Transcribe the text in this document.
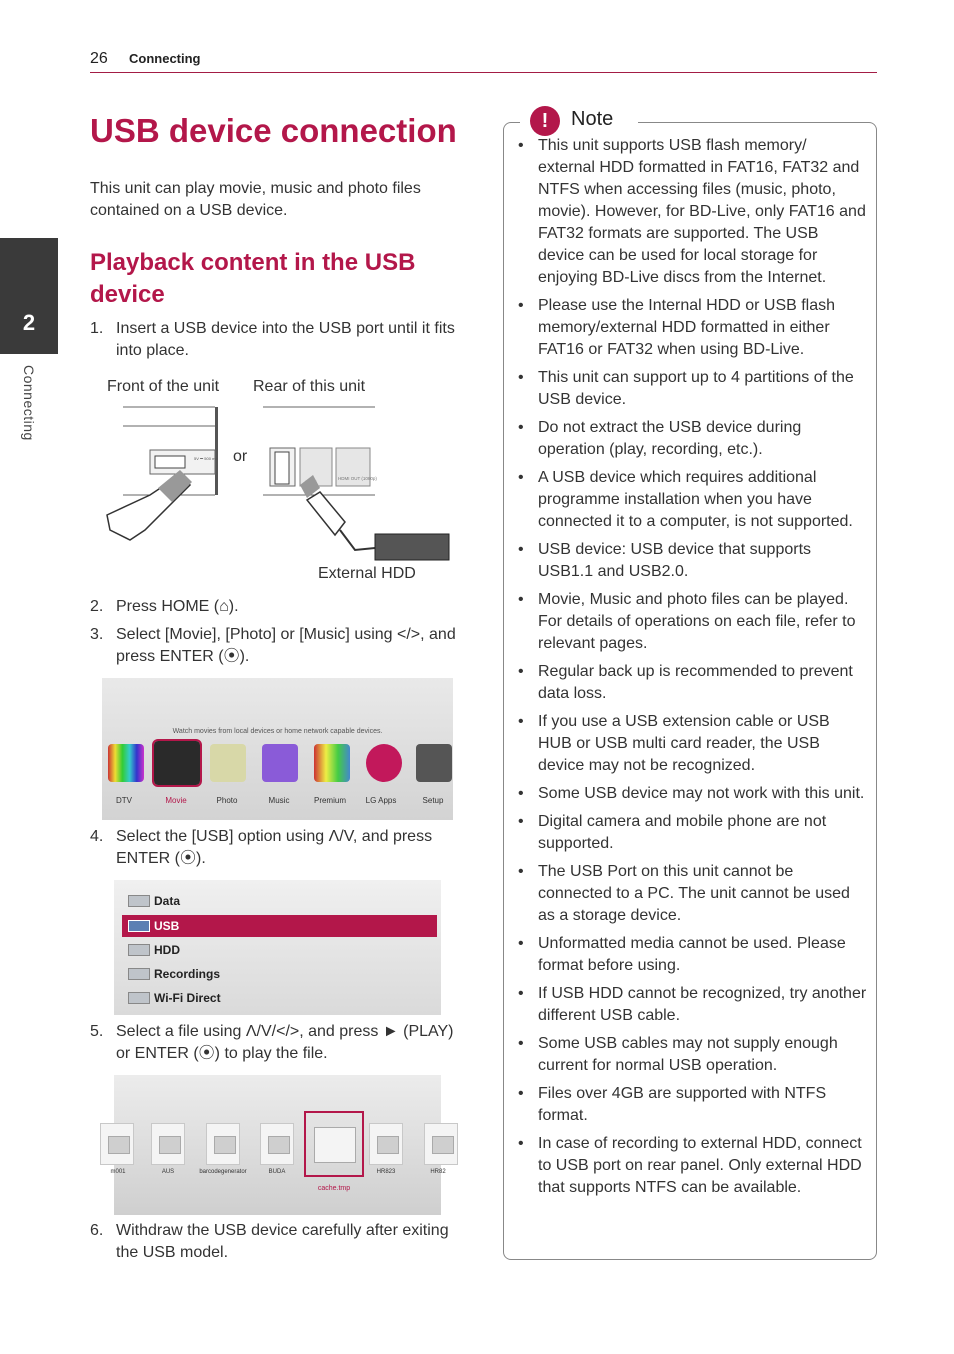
26 Connecting
2
Connecting
USB device connection
This unit can play movie, music and photo files contained on a USB device.
Playback content in the USB device
1. Insert a USB device into the USB port until it fits into place.
Front of the unit Rear of this unit
or
External HDD
5V ⎓ 500 mA
HDMI OUT (1080p)
2. Press HOME (⌂).
3. Select [Movie], [Photo] or [Music] using </>, and press ENTER (⦿).
Watch movies from local devices or home network capable devices.
DTV	Movie	Photo	Music	Premium	LG Apps	Setup
4. Select the [USB] option using Λ/V, and press ENTER (⦿).
Data
USB
HDD
Recordings
Wi-Fi Direct
5. Select a file using Λ/V/</>, and press ► (PLAY) or ENTER (⦿) to play the file.
m001	AUS	barcodegenerator	BUDA	HR823	HR82
cache.tmp
6. Withdraw the USB device carefully after exiting the USB model.
!	Note
• This unit supports USB flash memory/ external HDD formatted in FAT16, FAT32 and NTFS when accessing files (music, photo, movie). However, for BD-Live, only FAT16 and FAT32 formats are supported. The USB device can be used for local storage for enjoying BD-Live discs from the Internet.
• Please use the Internal HDD or USB flash memory/external HDD formatted in either FAT16 or FAT32 when using BD-Live.
• This unit can support up to 4 partitions of the USB device.
• Do not extract the USB device during operation (play, recording, etc.).
• A USB device which requires additional programme installation when you have connected it to a computer, is not supported.
• USB device: USB device that supports USB1.1 and USB2.0.
• Movie, Music and photo files can be played. For details of operations on each file, refer to relevant pages.
• Regular back up is recommended to prevent data loss.
• If you use a USB extension cable or USB HUB or USB multi card reader, the USB device may not be recognized.
• Some USB device may not work with this unit.
• Digital camera and mobile phone are not supported.
• The USB Port on this unit cannot be connected to a PC. The unit cannot be used as a storage device.
• Unformatted media cannot be used. Please format before using.
• If USB HDD cannot be recognized, try another different USB cable.
• Some USB cables may not supply enough current for normal USB operation.
• Files over 4GB are supported with NTFS format.
• In case of recording to external HDD, connect to USB port on rear panel. Only external HDD that supports NTFS can be available.
